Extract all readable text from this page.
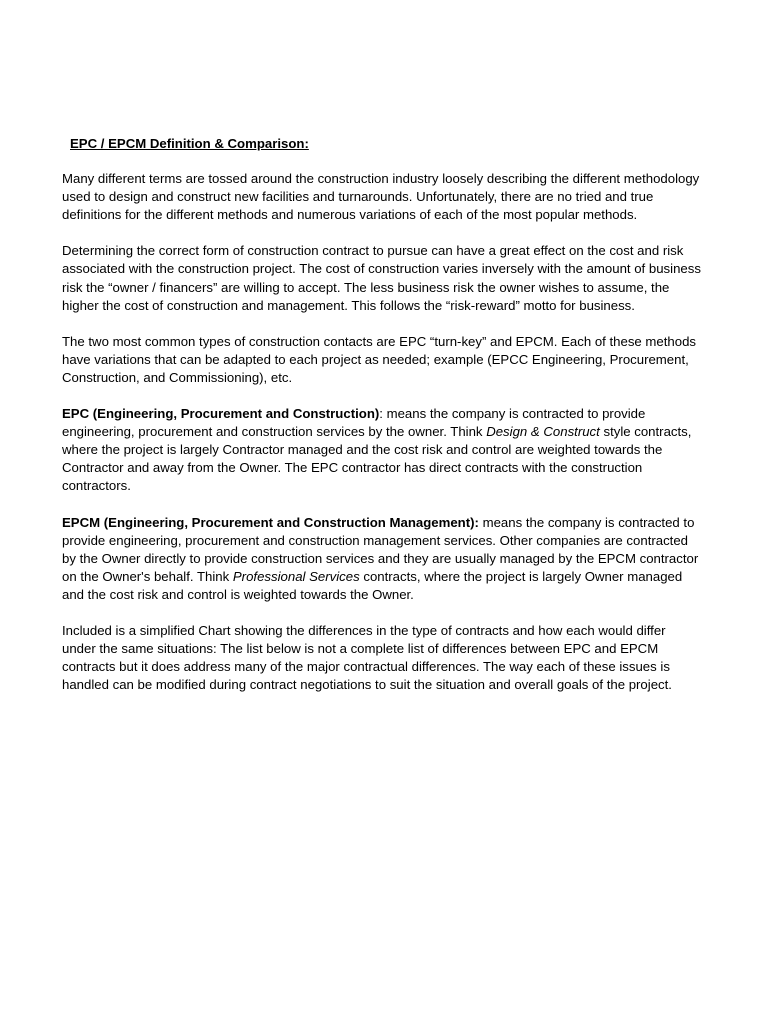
EPC / EPCM Definition & Comparison:

Many different terms are tossed around the construction industry loosely describing the different methodology used to design and construct new facilities and turnarounds. Unfortunately, there are no tried and true definitions for the different methods and numerous variations of each of the most popular methods.

Determining the correct form of construction contract to pursue can have a great effect on the cost and risk associated with the construction project. The cost of construction varies inversely with the amount of business risk the “owner / financers” are willing to accept. The less business risk the owner wishes to assume, the higher the cost of construction and management. This follows the “risk-reward” motto for business.

The two most common types of construction contacts are EPC “turn-key” and EPCM. Each of these methods have variations that can be adapted to each project as needed; example (EPCC Engineering, Procurement, Construction, and Commissioning), etc.

EPC (Engineering, Procurement and Construction): means the company is contracted to provide engineering, procurement and construction services by the owner. Think Design & Construct style contracts, where the project is largely Contractor managed and the cost risk and control are weighted towards the Contractor and away from the Owner. The EPC contractor has direct contracts with the construction contractors.

EPCM (Engineering, Procurement and Construction Management): means the company is contracted to provide engineering, procurement and construction management services. Other companies are contracted by the Owner directly to provide construction services and they are usually managed by the EPCM contractor on the Owner's behalf. Think Professional Services contracts, where the project is largely Owner managed and the cost risk and control is weighted towards the Owner.

Included is a simplified Chart showing the differences in the type of contracts and how each would differ under the same situations: The list below is not a complete list of differences between EPC and EPCM contracts but it does address many of the major contractual differences. The way each of these issues is handled can be modified during contract negotiations to suit the situation and overall goals of the project.
